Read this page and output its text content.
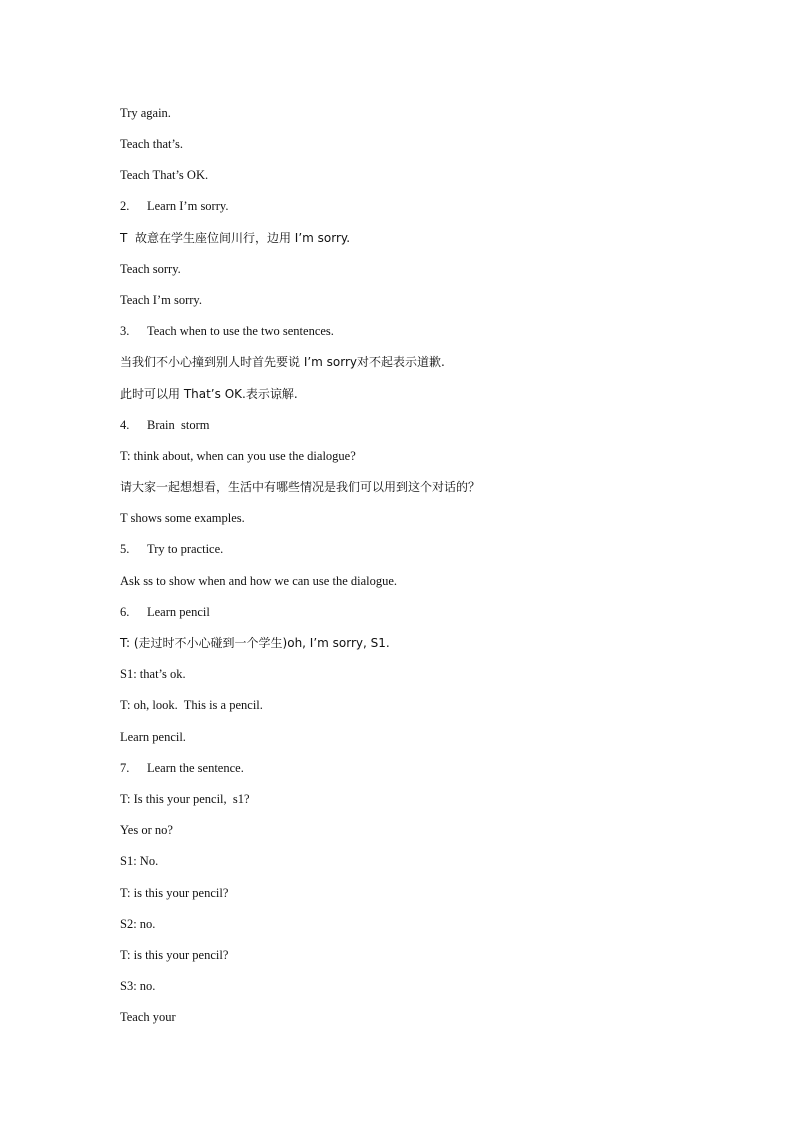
Try again.
Teach that’s.
Teach That’s OK.
2. Learn I’m sorry.
T  故意在学生座位间川行，边用 I’m sorry.
Teach sorry.
Teach I’m sorry.
3. Teach when to use the two sentences.
当我们不小心撞到别人时首先要说 I’m sorry对不起表示道歉.
此时可以用 That’s OK.表示谅解.
4. Brain  storm
T: think about, when can you use the dialogue?
请大家一起想想看，生活中有哪些情况是我们可以用到这个对话的？
T shows some examples.
5. Try to practice.
Ask ss to show when and how we can use the dialogue.
6. Learn pencil
T: (走过时不小心碰到一个学生)oh, I’m sorry, S1.
S1: that’s ok.
T: oh, look.  This is a pencil.
Learn pencil.
7. Learn the sentence.
T: Is this your pencil,  s1?
Yes or no?
S1: No.
T: is this your pencil?
S2: no.
T: is this your pencil?
S3: no.
Teach your
